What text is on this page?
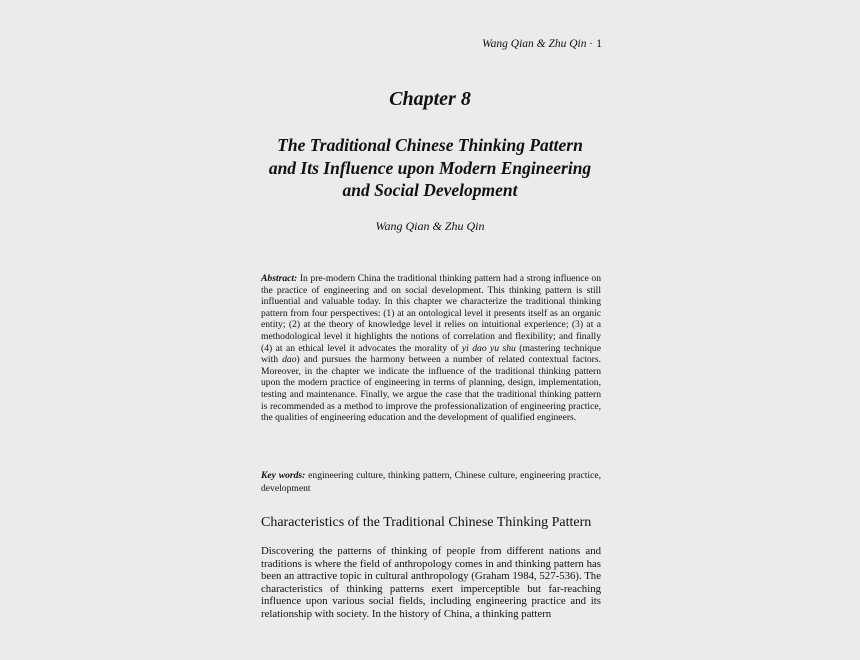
Wang Qian & Zhu Qin · 1
Chapter 8
The Traditional Chinese Thinking Pattern
and Its Influence upon Modern Engineering
and Social Development
Wang Qian & Zhu Qin
Abstract: In pre-modern China the traditional thinking pattern had a strong influence on the practice of engineering and on social development. This thinking pattern is still influential and valuable today. In this chapter we characterize the traditional thinking pattern from four perspectives: (1) at an ontological level it presents itself as an organic entity; (2) at the theory of knowledge level it relies on intuitional experience; (3) at a methodological level it highlights the notions of correlation and flexibility; and finally (4) at an ethical level it advocates the morality of yi dao yu shu (mastering technique with dao) and pursues the harmony between a number of related contextual factors. Moreover, in the chapter we indicate the influence of the traditional thinking pattern upon the modern practice of engineering in terms of planning, design, implementation, testing and maintenance. Finally, we argue the case that the traditional thinking pattern is recommended as a method to improve the professionalization of engineering practice, the qualities of engineering education and the development of qualified engineers.
Key words: engineering culture, thinking pattern, Chinese culture, engineering practice, development
Characteristics of the Traditional Chinese Thinking Pattern
Discovering the patterns of thinking of people from different nations and traditions is where the field of anthropology comes in and thinking pattern has been an attractive topic in cultural anthropology (Graham 1984, 527-536). The characteristics of thinking patterns exert imperceptible but far-reaching influence upon various social fields, including engineering practice and its relationship with society. In the history of China, a thinking pattern
